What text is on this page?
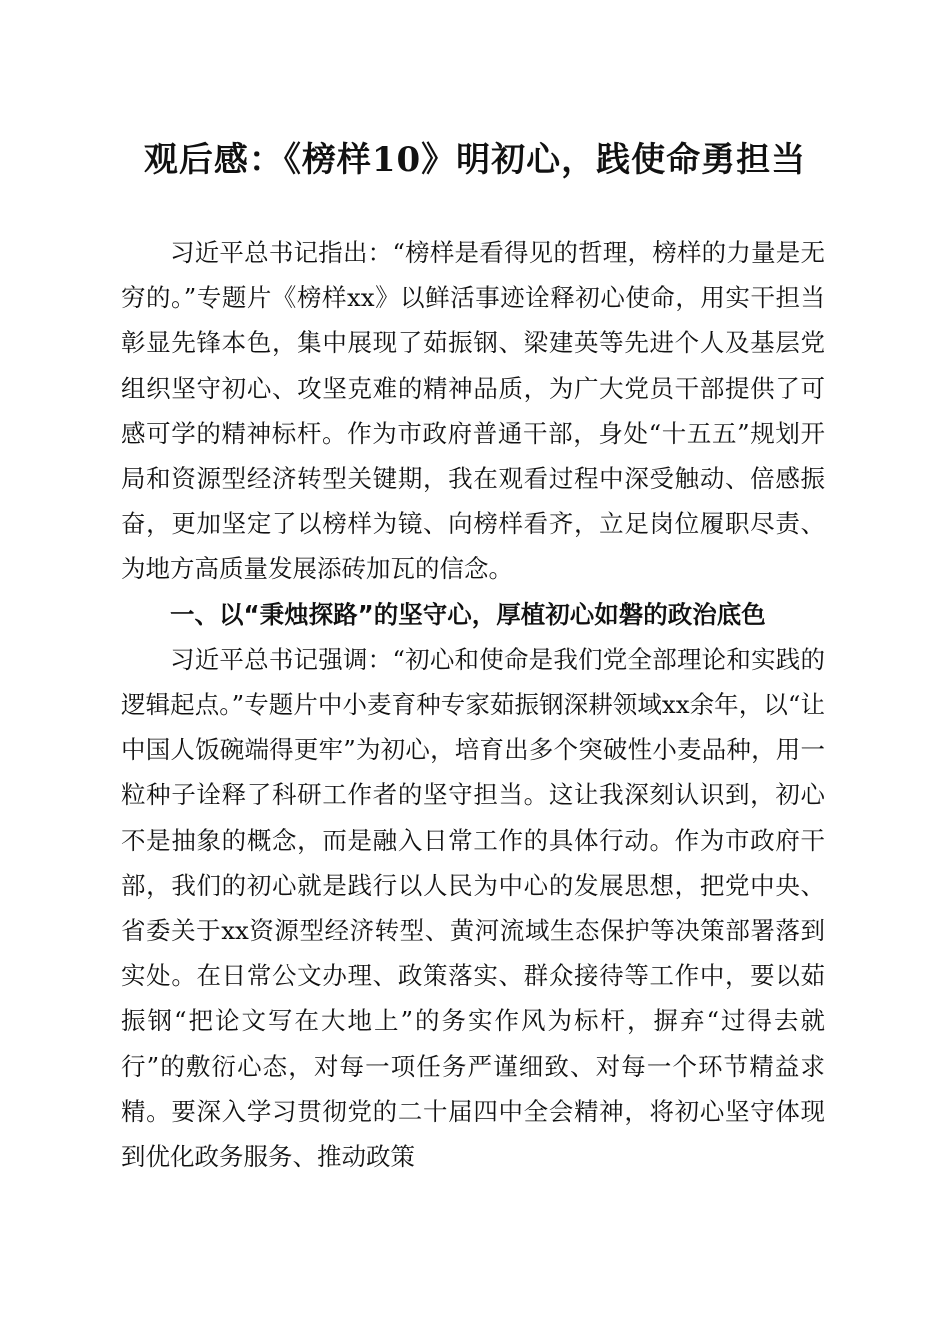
观后感：《榜样10》明初心，践使命勇担当

习近平总书记指出：“榜样是看得见的哲理，榜样的力量是无穷的。”专题片《榜样xx》以鲜活事迹诠释初心使命，用实干担当彰显先锋本色，集中展现了茹振钢、梁建英等先进个人及基层党组织坚守初心、攻坚克难的精神品质，为广大党员干部提供了可感可学的精神标杆。作为市政府普通干部，身处“十五五”规划开局和资源型经济转型关键期，我在观看过程中深受触动、倍感振奋，更加坚定了以榜样为镜、向榜样看齐，立足岗位履职尽责、为地方高质量发展添砖加瓦的信念。

一、以“秉烛探路”的坚守心，厚植初心如磐的政治底色

习近平总书记强调：“初心和使命是我们党全部理论和实践的逻辑起点。”专题片中小麦育种专家茹振钢深耕领域xx余年，以“让中国人饭碗端得更牢”为初心，培育出多个突破性小麦品种，用一粒种子诠释了科研工作者的坚守担当。这让我深刻认识到，初心不是抽象的概念，而是融入日常工作的具体行动。作为市政府干部，我们的初心就是践行以人民为中心的发展思想，把党中央、省委关于xx资源型经济转型、黄河流域生态保护等决策部署落到实处。在日常公文办理、政策落实、群众接待等工作中，要以茹振钢“把论文写在大地上”的务实作风为标杆，摒弃“过得去就行”的敷衍心态，对每一项任务严谨细致、对每一个环节精益求精。要深入学习贯彻党的二十届四中全会精神，将初心坚守体现到优化政务服务、推动政策
